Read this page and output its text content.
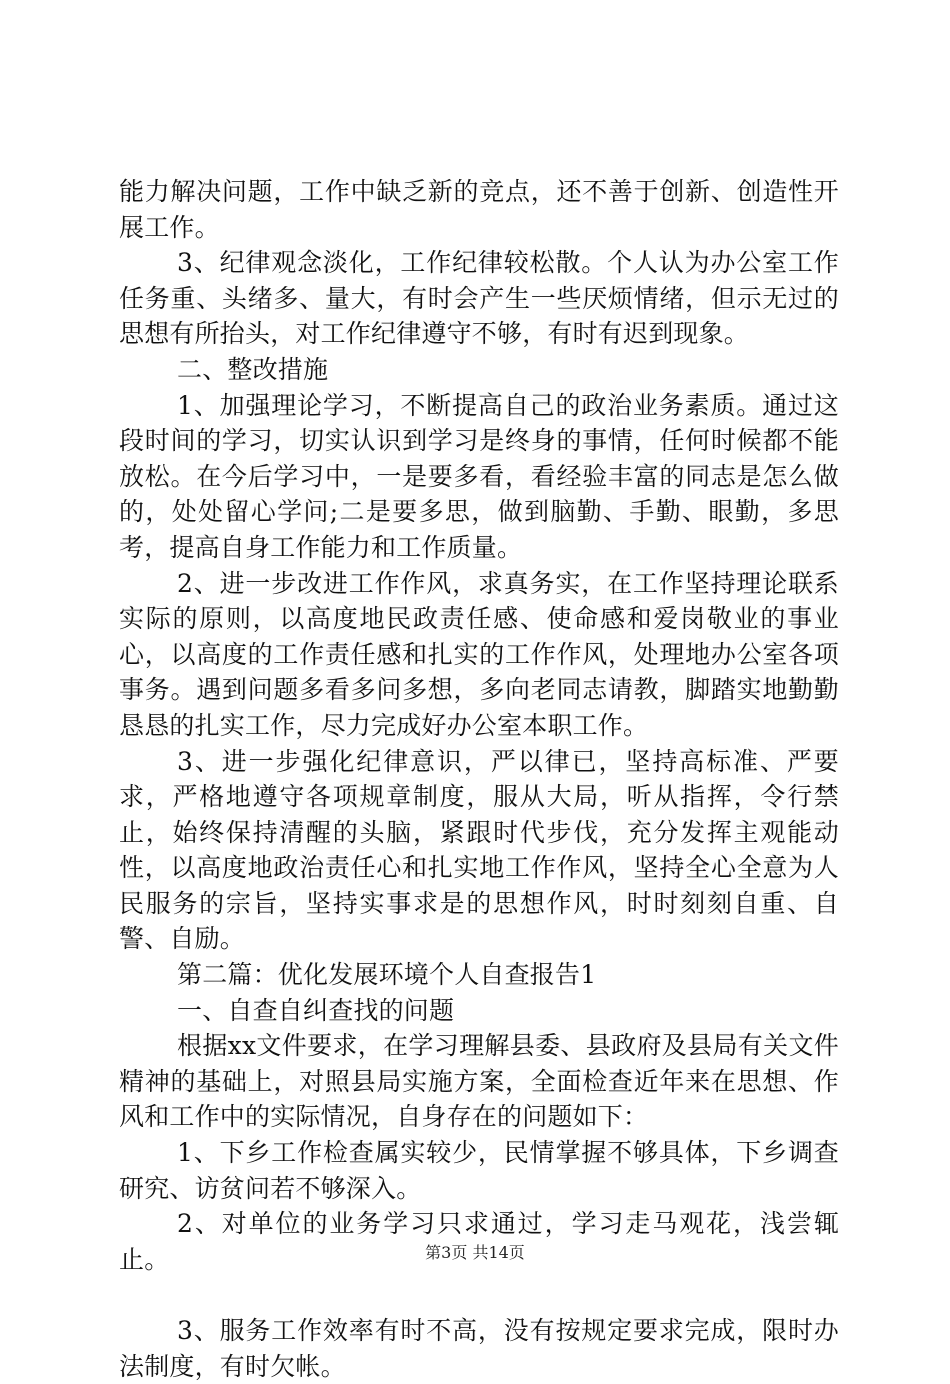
能力解决问题，工作中缺乏新的竞点，还不善于创新、创造性开展工作。

3、纪律观念淡化，工作纪律较松散。个人认为办公室工作任务重、头绪多、量大，有时会产生一些厌烦情绪，但示无过的思想有所抬头，对工作纪律遵守不够，有时有迟到现象。

二、整改措施

1、加强理论学习，不断提高自己的政治业务素质。通过这段时间的学习，切实认识到学习是终身的事情，任何时候都不能放松。在今后学习中，一是要多看，看经验丰富的同志是怎么做的，处处留心学问;二是要多思，做到脑勤、手勤、眼勤，多思考，提高自身工作能力和工作质量。

2、进一步改进工作作风，求真务实，在工作坚持理论联系实际的原则，以高度地民政责任感、使命感和爱岗敬业的事业心，以高度的工作责任感和扎实的工作作风，处理地办公室各项事务。遇到问题多看多问多想，多向老同志请教，脚踏实地勤勤恳恳的扎实工作，尽力完成好办公室本职工作。

3、进一步强化纪律意识，严以律已，坚持高标准、严要求，严格地遵守各项规章制度，服从大局，听从指挥，令行禁止，始终保持清醒的头脑，紧跟时代步伐，充分发挥主观能动性，以高度地政治责任心和扎实地工作作风，坚持全心全意为人民服务的宗旨，坚持实事求是的思想作风，时时刻刻自重、自警、自励。

第二篇：优化发展环境个人自查报告1

一、自查自纠查找的问题

根据xx文件要求，在学习理解县委、县政府及县局有关文件精神的基础上，对照县局实施方案，全面检查近年来在思想、作风和工作中的实际情况，自身存在的问题如下：

1、下乡工作检查属实较少，民情掌握不够具体，下乡调查研究、访贫问若不够深入。

2、对单位的业务学习只求通过，学习走马观花，浅尝辄止。

3、服务工作效率有时不高，没有按规定要求完成，限时办法制度，有时欠帐。

第3页 共14页
